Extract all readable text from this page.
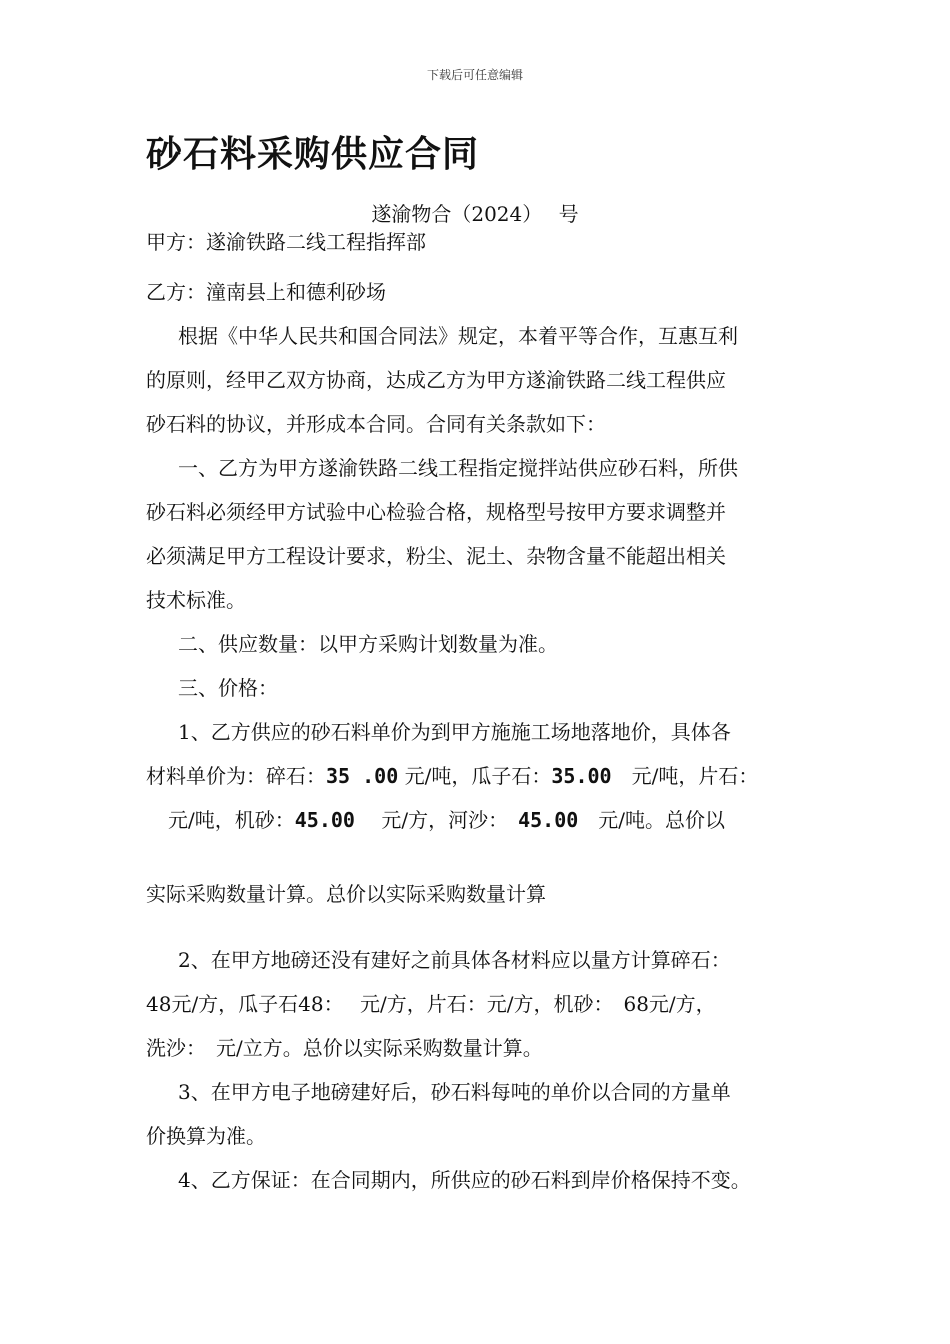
下载后可任意编辑
砂石料采购供应合同
遂渝物合（2024）　 号
甲方：遂渝铁路二线工程指挥部
乙方：潼南县上和德利砂场
根据《中华人民共和国合同法》规定，本着平等合作，互惠互利
的原则，经甲乙双方协商，达成乙方为甲方遂渝铁路二线工程供应
砂石料的协议，并形成本合同。合同有关条款如下：
一、乙方为甲方遂渝铁路二线工程指定搅拌站供应砂石料，所供
砂石料必须经甲方试验中心检验合格，规格型号按甲方要求调整并
必须满足甲方工程设计要求，粉尘、泥土、杂物含量不能超出相关
技术标准。
二、供应数量：以甲方采购计划数量为准。
三、价格：
1、乙方供应的砂石料单价为到甲方施施工场地落地价，具体各
材料单价为：碎石：35 .00 元/吨，瓜子石：35.00　元/吨，片石：
元/吨，机砂：45.00　 元/方，河沙：　45.00　元/吨。总价以
实际采购数量计算。总价以实际采购数量计算
2、在甲方地磅还没有建好之前具体各材料应以量方计算碎石：
48元/方，瓜子石48：　 元/方，片石：元/方，机砂：　68元/方，
洗沙：　元/立方。总价以实际采购数量计算。
3、在甲方电子地磅建好后，砂石料每吨的单价以合同的方量单
价换算为准。
4、乙方保证：在合同期内，所供应的砂石料到岸价格保持不变。
